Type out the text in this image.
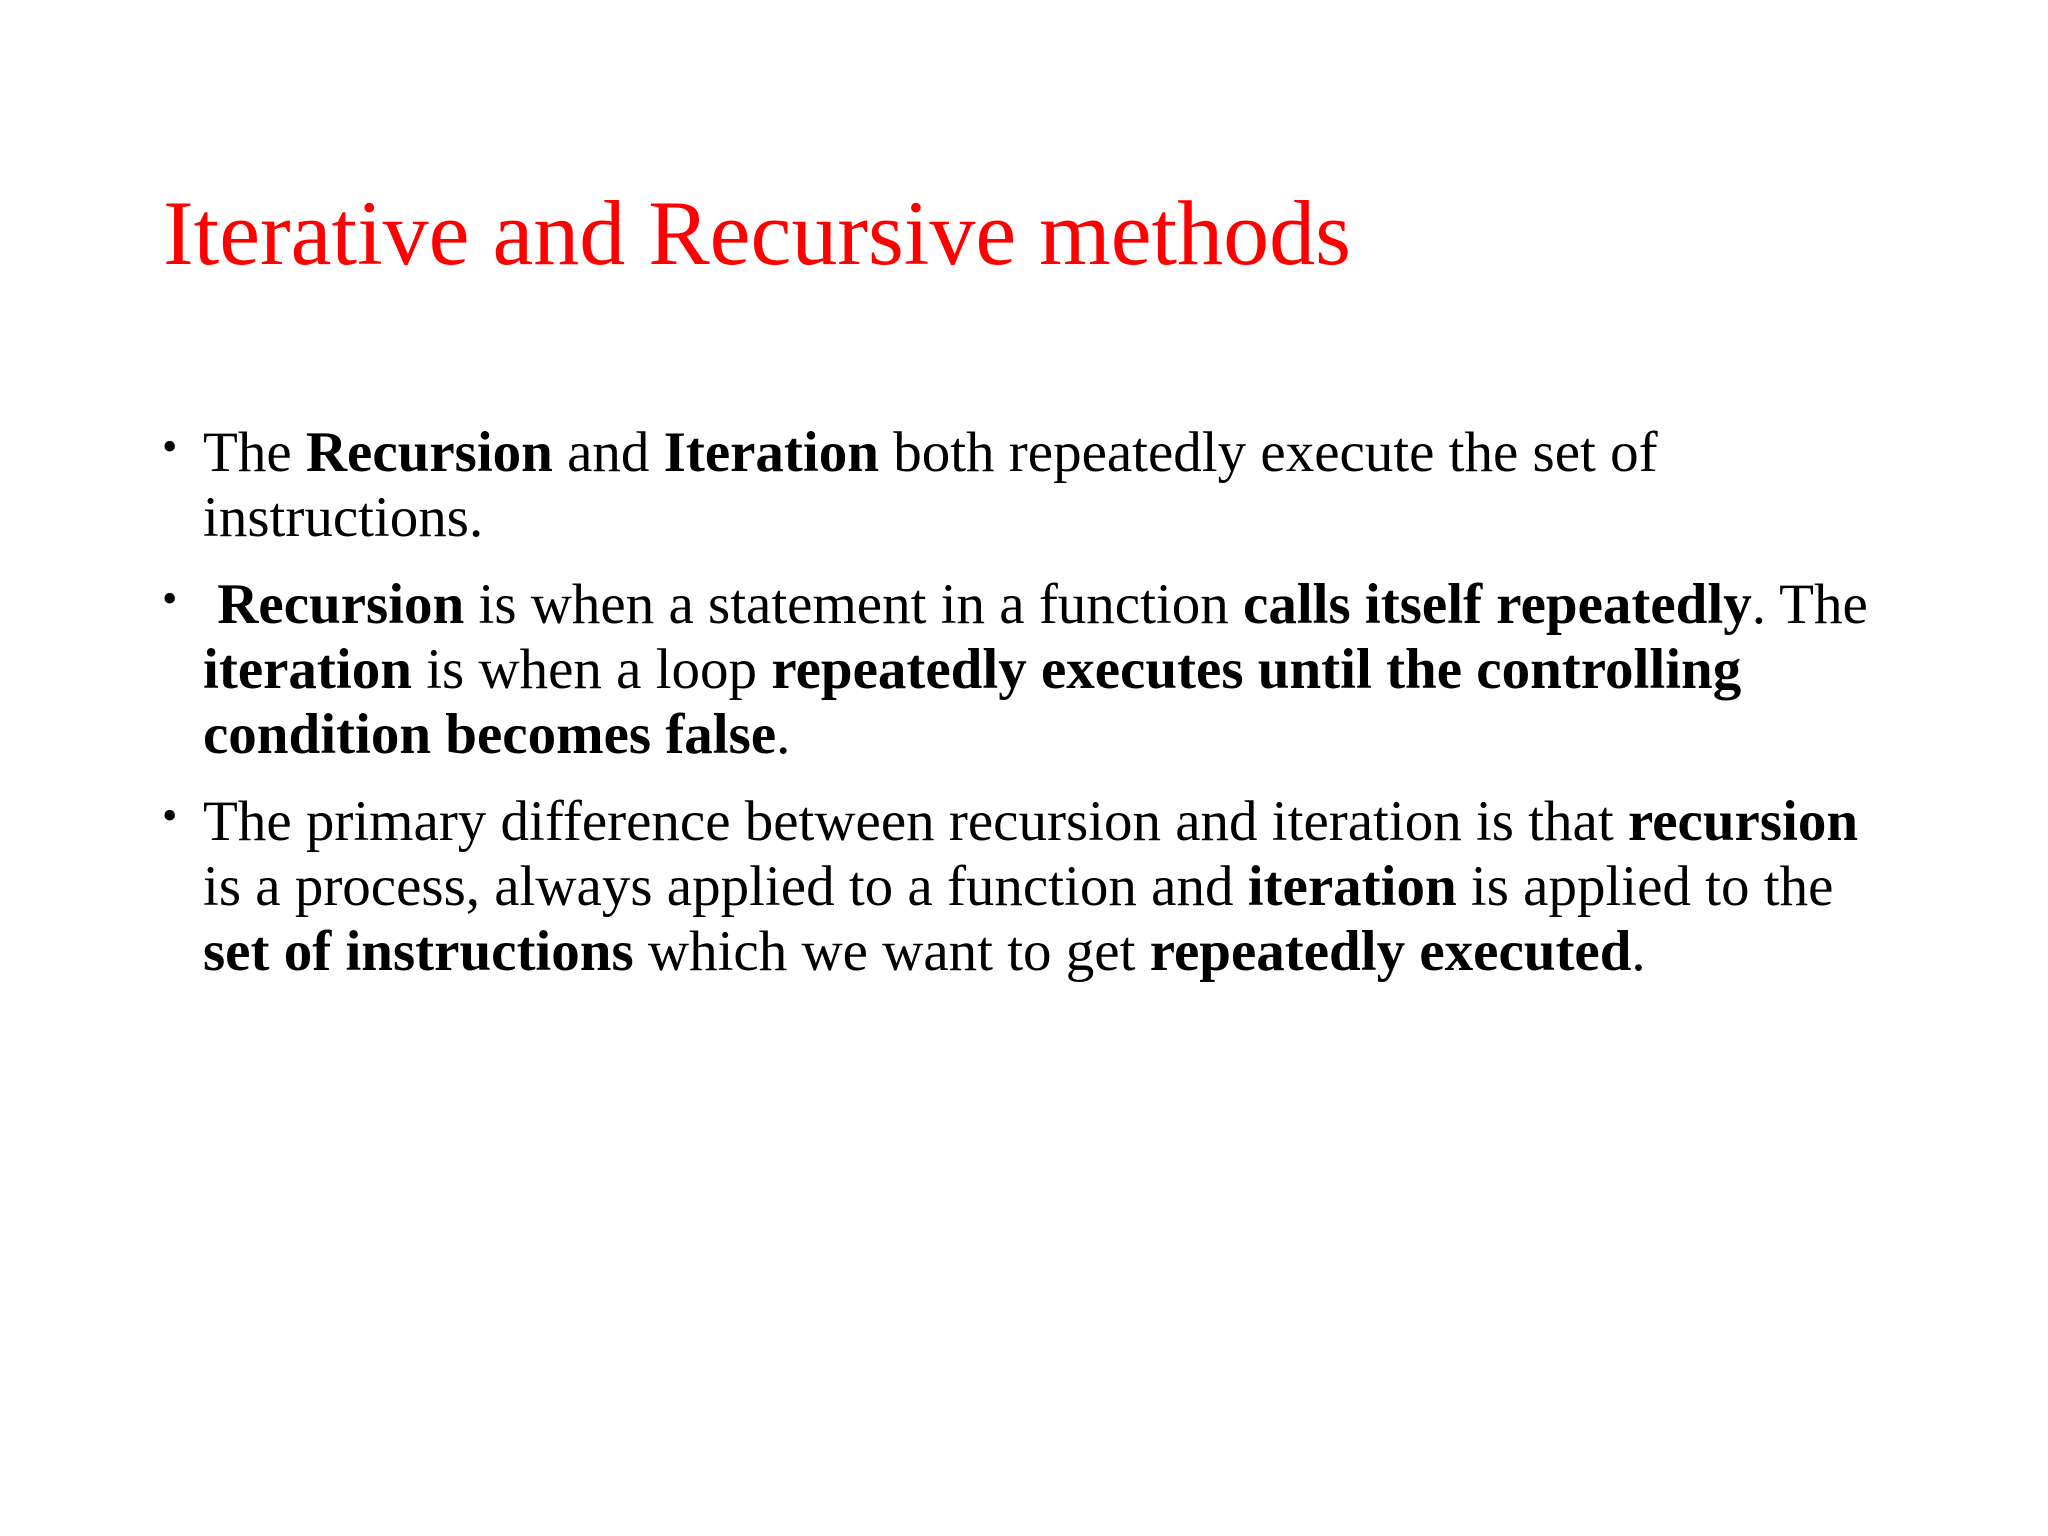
Iterative and Recursive methods
• The Recursion and Iteration both repeatedly execute the set of instructions.
• Recursion is when a statement in a function calls itself repeatedly. The iteration is when a loop repeatedly executes until the controlling condition becomes false.
• The primary difference between recursion and iteration is that recursion is a process, always applied to a function and iteration is applied to the set of instructions which we want to get repeatedly executed.
